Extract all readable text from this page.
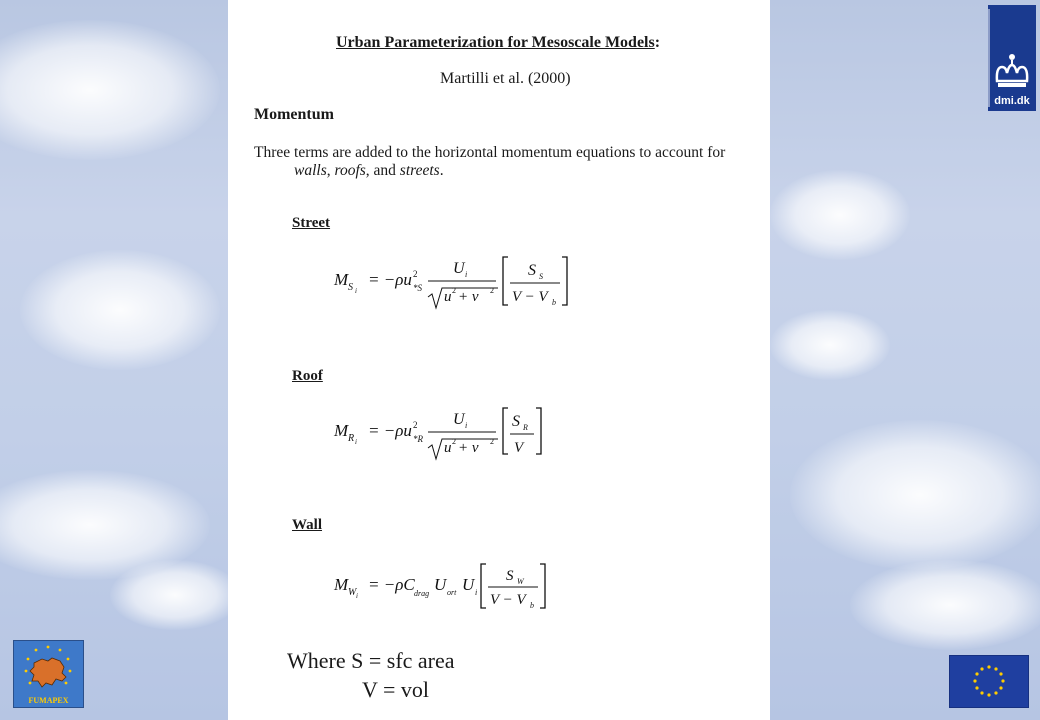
Urban Parameterization for Mesoscale Models:
Martilli et al. (2000)
Momentum
Three terms are added to the horizontal momentum equations to account for
walls, roofs, and streets.
Street
M S i
= −ρu 2
*S
U i
u 2 + v 2
S S
V − V b
Roof
M R i
= −ρu 2
*R
U i
u 2 + v 2
S R
V
Wall
M W i
= −ρC drag U ort U i
S W
V − V b
Where S = sfc area
V = vol
dmi.dk
FUMAPEX
